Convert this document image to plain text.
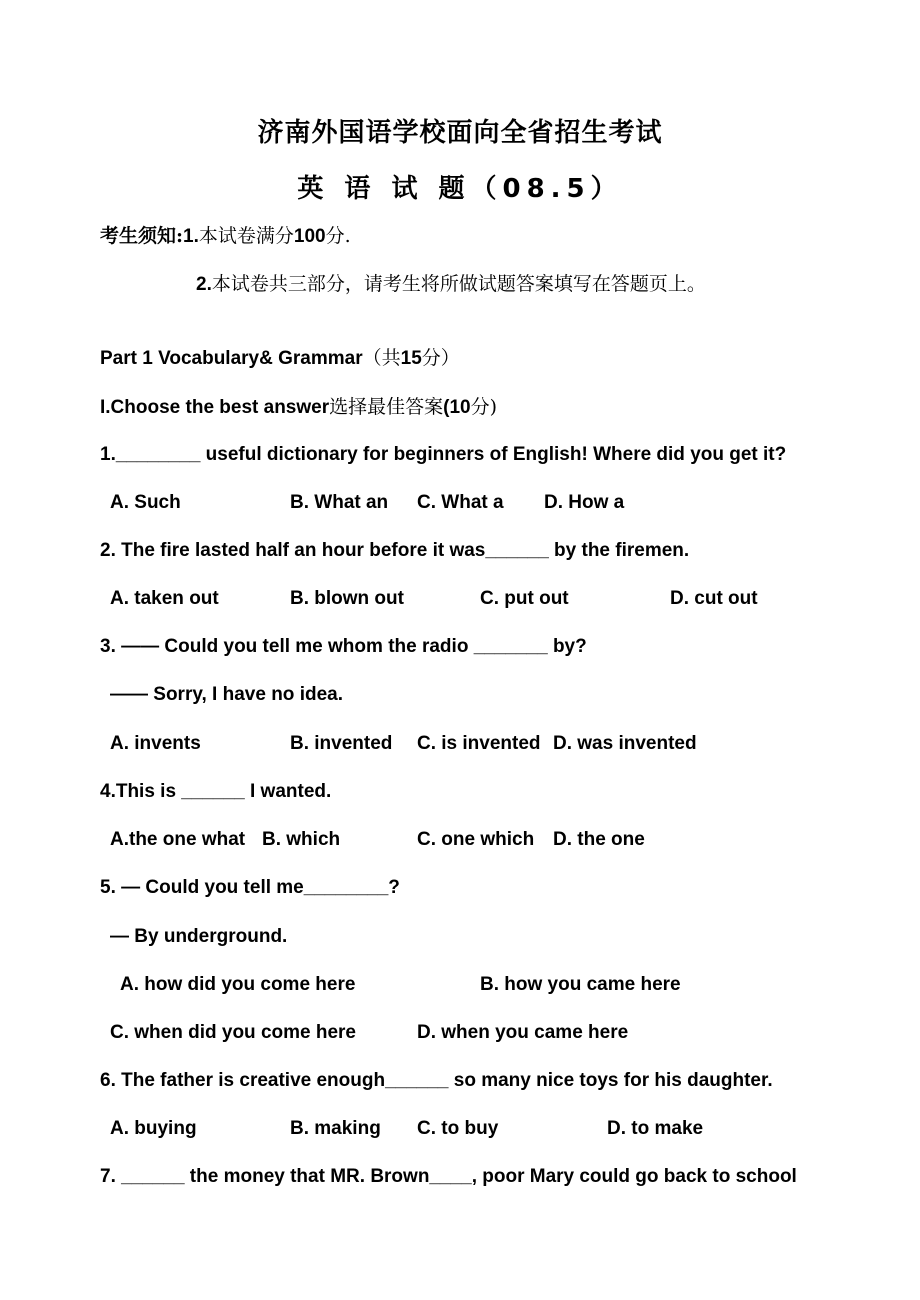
济南外国语学校面向全省招生考试
英 语 试 题（08.5）
考生须知:1.本试卷满分100分.
2.本试卷共三部分，请考生将所做试题答案填写在答题页上。
Part 1 Vocabulary& Grammar（共15分）
I.Choose the best answer选择最佳答案(10分)
1.________ useful dictionary for beginners of English! Where did you get it?
A. Such	B. What an C. What a D. How a
2. The fire lasted half an hour before it was______ by the firemen.
A. taken out	B. blown out	C. put out	D. cut out
3. —— Could you tell me whom the radio _______ by?
—— Sorry, I have no idea.
A. invents	B. invented C. is invented D. was invented
4.This is ______ I wanted.
A.the one what B. which	C. one which D. the one
5. — Could you tell me________?
— By underground.
A. how did you come here	B. how you came here
C. when did you come here	D. when you came here
6. The father is creative enough______ so many nice toys for his daughter.
A. buying	B. making C. to buy	D. to make
7. ______ the money that MR. Brown____, poor Mary could go back to school
